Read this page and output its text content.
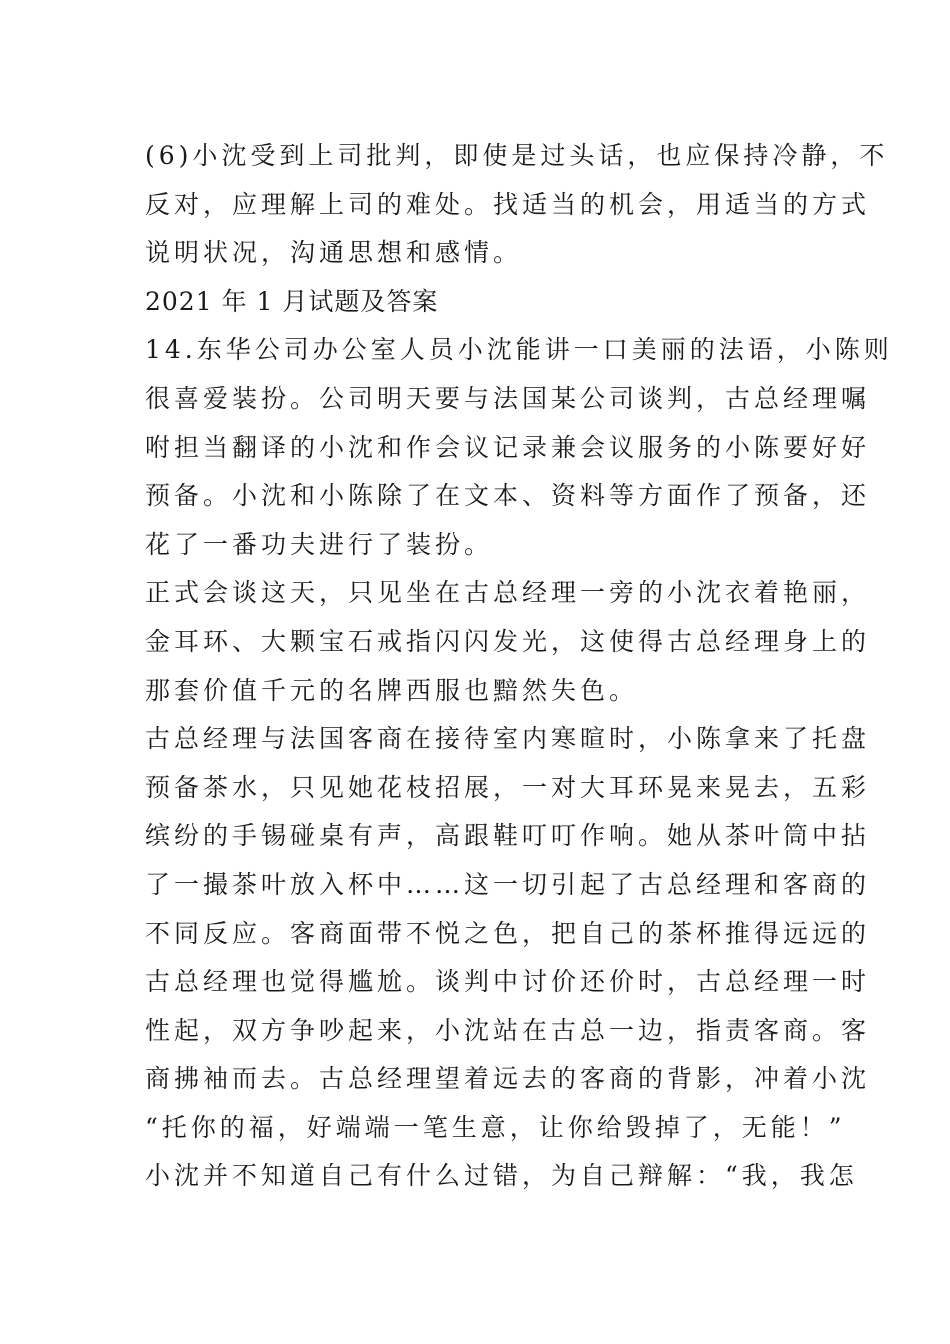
(6)小沈受到上司批判，即使是过头话，也应保持冷静，不
反对，应理解上司的难处。找适当的机会，用适当的方式
说明状况，沟通思想和感情。
2021 年 1 月试题及答案
14.东华公司办公室人员小沈能讲一口美丽的法语，小陈则
很喜爱装扮。公司明天要与法国某公司谈判，古总经理嘱
咐担当翻译的小沈和作会议记录兼会议服务的小陈要好好
预备。小沈和小陈除了在文本、资料等方面作了预备，还
花了一番功夫进行了装扮。
正式会谈这天，只见坐在古总经理一旁的小沈衣着艳丽，
金耳环、大颗宝石戒指闪闪发光，这使得古总经理身上的
那套价值千元的名牌西服也黯然失色。
古总经理与法国客商在接待室内寒暄时，小陈拿来了托盘
预备茶水，只见她花枝招展，一对大耳环晃来晃去，五彩
缤纷的手锡碰桌有声，高跟鞋叮叮作响。她从茶叶筒中拈
了一撮茶叶放入杯中……这一切引起了古总经理和客商的
不同反应。客商面带不悦之色，把自己的茶杯推得远远的
古总经理也觉得尴尬。谈判中讨价还价时，古总经理一时
性起，双方争吵起来，小沈站在古总一边，指责客商。客
商拂袖而去。古总经理望着远去的客商的背影，冲着小沈
“托你的福，好端端一笔生意，让你给毁掉了，无能！”
小沈并不知道自己有什么过错，为自己辩解：“我，我怎
